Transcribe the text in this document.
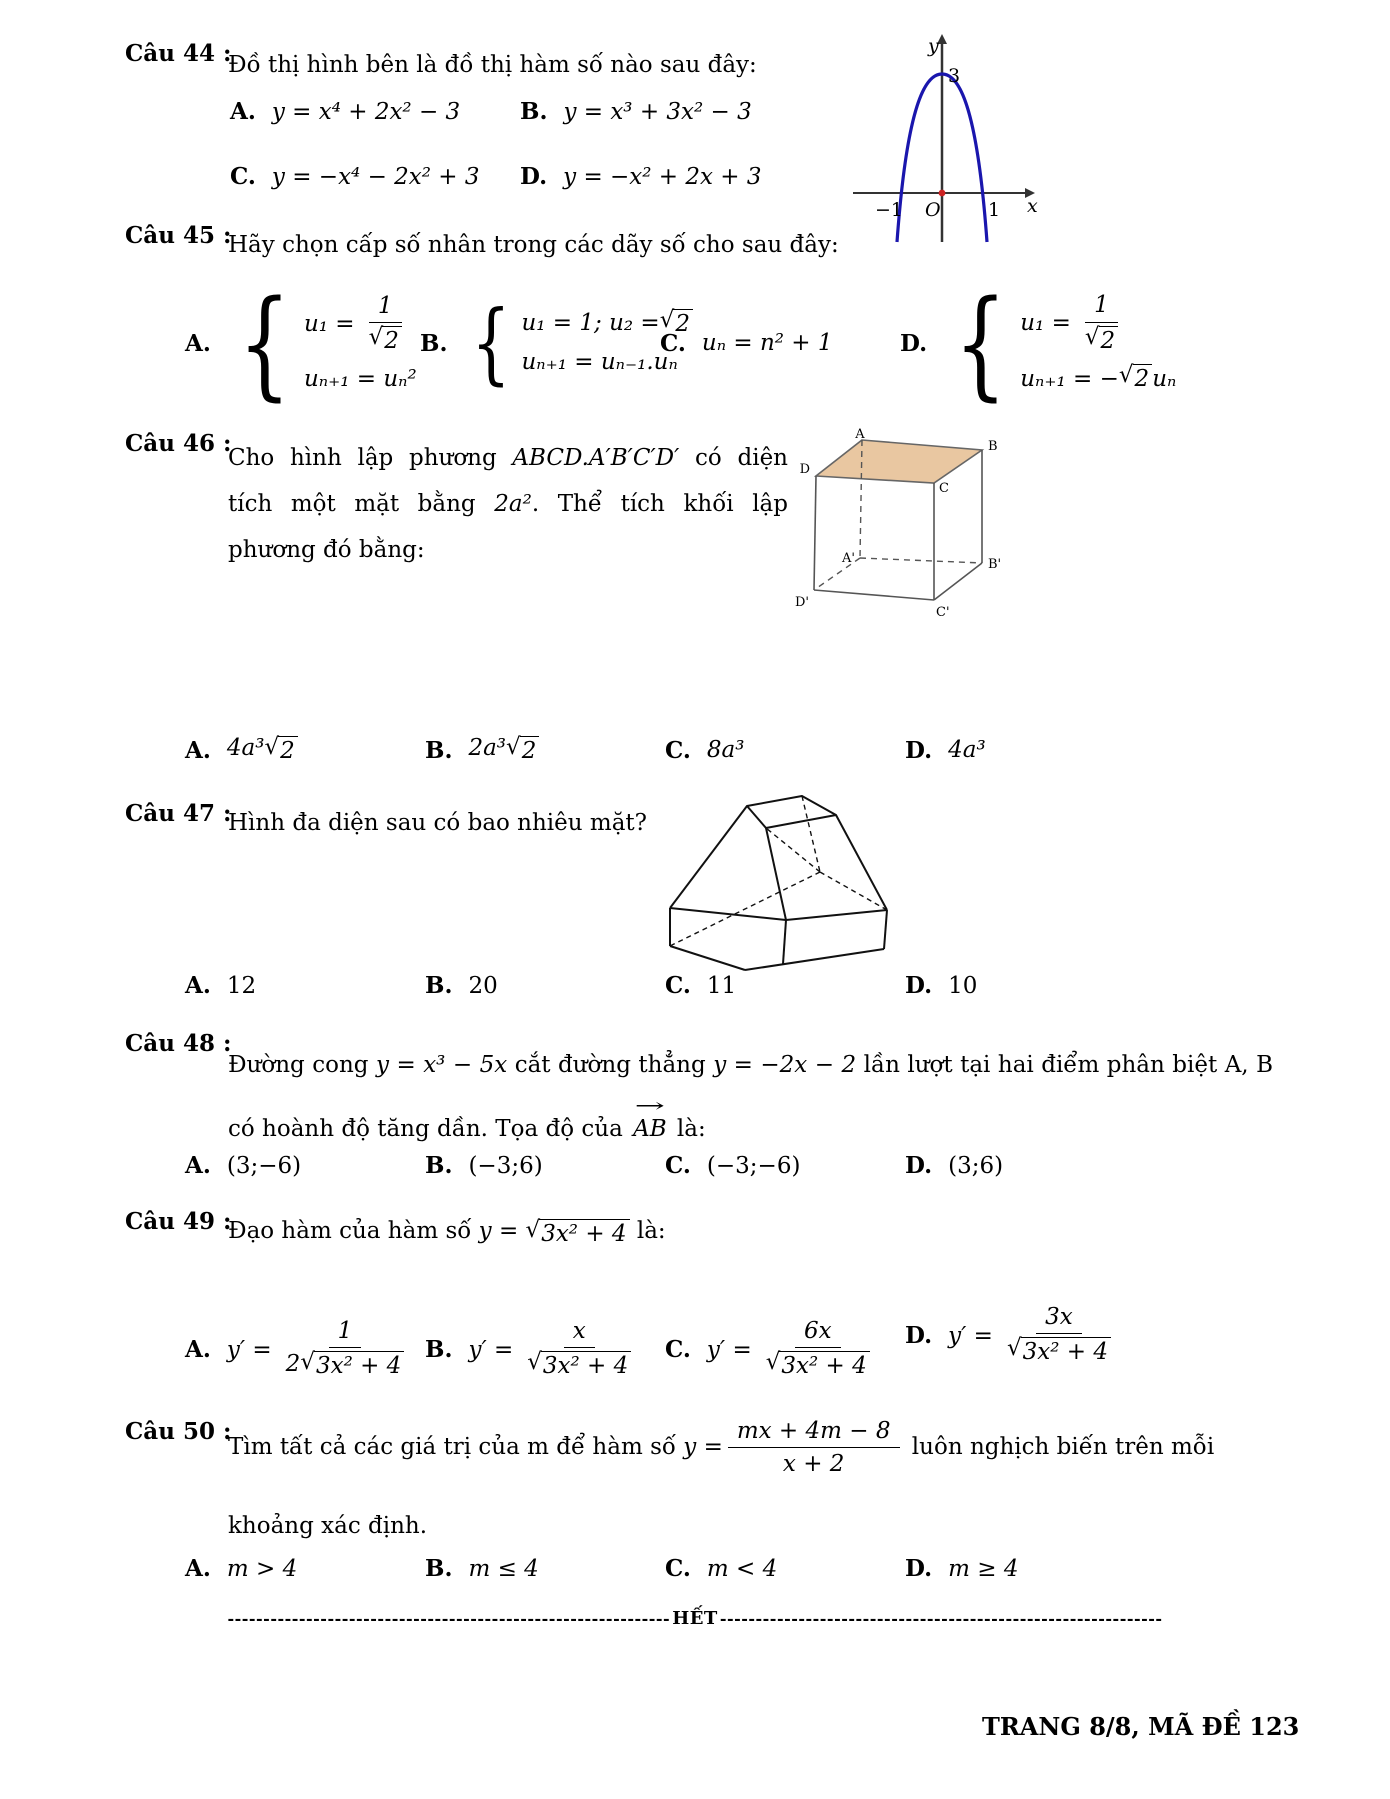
Câu 44 :
Đồ thị hình bên là đồ thị hàm số nào sau đây:
A. y = x⁴ + 2x² − 3	B. y = x³ + 3x² − 3
C. y = −x⁴ − 2x² + 3 D. y = −x² + 2x + 3
y
3
−1 O 1 x
Câu 45 :
Hãy chọn cấp số nhân trong các dãy số cho sau đây:
A. { $u_1 = \frac{1}{√ 2}$
uₙ₊₁ = uₙ²
B. { u₁ = 1; u₂ = √ 2
uₙ₊₁ = uₙ₋₁.uₙ
C. uₙ = n² + 1	D. { $u_1 = \frac{1}{√ 2}$
uₙ₊₁ = − √ 2 uₙ
Câu 46 :
Cho hình lập phương ABCD.A′B′C′D′ có diện tích một mặt bằng 2a². Thể tích khối lập phương đó bằng:
A
B
C
D
A'	B'
C'
D'
A. 4a³ √ 2	B. 2a³ √ 2	C. 8a³	D. 4a³
Câu 47 :
Hình đa diện sau có bao nhiêu mặt?
A. 12	B. 20	C. 11	D. 10
Câu 48 :
Đường cong y = x³ − 5x cắt đường thẳng y = −2x − 2 lần lượt tại hai điểm phân biệt A, B có hoành độ tăng dần. Tọa độ của
→
AB là:
A. (3;−6)	B. (−3;6)	C. (−3;−6)	D. (3;6)
Câu 49 :
Đạo hàm của hàm số y = √ 3x² + 4 là:
A. $y' = \frac{1}{\text{2 √ 3x² + 4}} B$. $y' = \frac{x}{\text{√ 3x² + 4}} C$. $y' = \frac{6x}{\text{√ 3x² + 4}} D$. $y' = \frac{3x}{\text{√ 3x² + 4}}$
Câu 50 :
Tìm tất cả các giá trị của m để hàm số $y = \frac{mx + 4m - 8}{x + 2}$ luôn nghịch biến trên mỗi
khoảng xác định.
A. m > 4	B. m ≤ 4	C. m < 4	D. m ≥ 4
-------------------------------------------------------------- HẾT --------------------------------------------------------------
TRANG 8/8, MÃ ĐỀ 123
